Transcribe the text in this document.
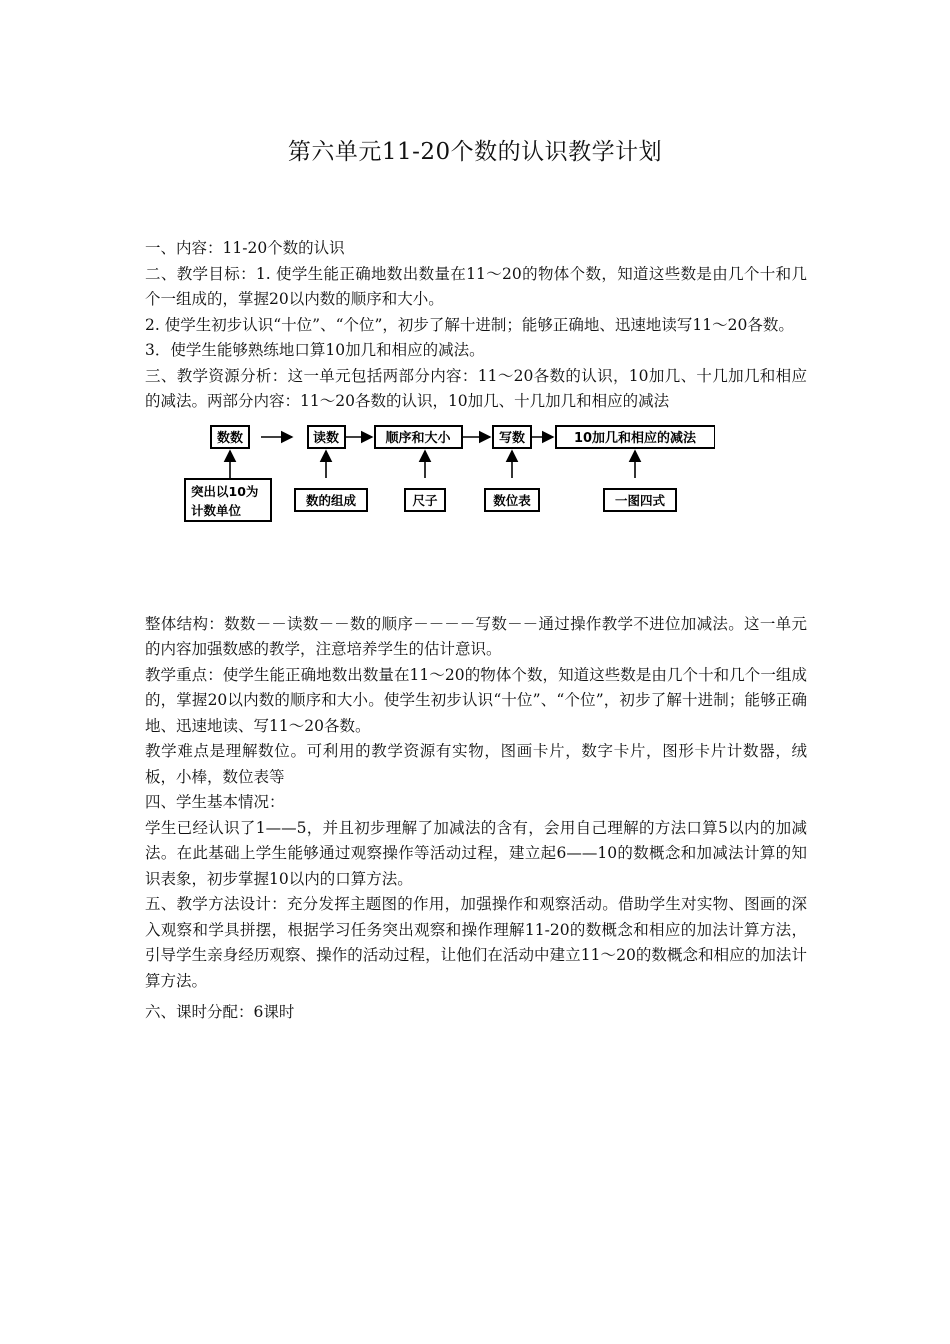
第六单元11-20个数的认识教学计划

一、内容：11-20个数的认识

二、教学目标：1. 使学生能正确地数出数量在11～20的物体个数，知道这些数是由几个十和几个一组成的，掌握20以内数的顺序和大小。

2. 使学生初步认识“十位”、“个位”，初步了解十进制；能够正确地、迅速地读写11～20各数。

3．使学生能够熟练地口算10加几和相应的减法。

三、教学资源分析：这一单元包括两部分内容：11～20各数的认识，10加几、十几加几和相应的减法。两部分内容：11～20各数的认识，10加几、十几加几和相应的减法

数数	读数	顺序和大小	写数	10加几和相应的减法
突出以10为
计数单位
数的组成	尺子	数位表	一图四式

整体结构：数数－－读数－－数的顺序－－－－写数－－通过操作教学不进位加减法。这一单元的内容加强数感的教学，注意培养学生的估计意识。

教学重点：使学生能正确地数出数量在11～20的物体个数，知道这些数是由几个十和几个一组成的，掌握20以内数的顺序和大小。使学生初步认识“十位”、“个位”，初步了解十进制；能够正确地、迅速地读、写11～20各数。

教学难点是理解数位。可利用的教学资源有实物，图画卡片，数字卡片，图形卡片计数器，绒板，小棒，数位表等

四、学生基本情况：

学生已经认识了1——5，并且初步理解了加减法的含有，会用自己理解的方法口算5以内的加减法。在此基础上学生能够通过观察操作等活动过程，建立起6——10的数概念和加减法计算的知识表象，初步掌握10以内的口算方法。

五、教学方法设计：充分发挥主题图的作用，加强操作和观察活动。借助学生对实物、图画的深入观察和学具拼摆，根据学习任务突出观察和操作理解11-20的数概念和相应的加法计算方法，引导学生亲身经历观察、操作的活动过程，让他们在活动中建立11～20的数概念和相应的加法计算方法。

六、课时分配：6课时
